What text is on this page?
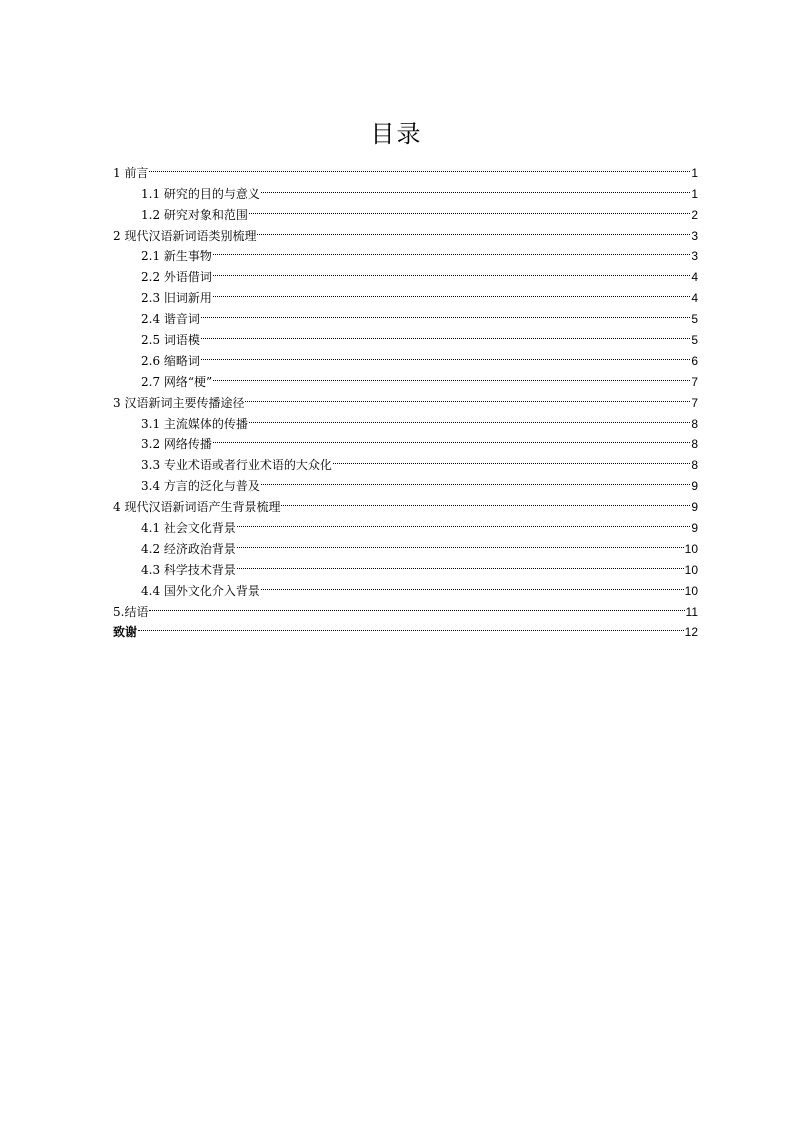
目录
1 前言	1
1.1 研究的目的与意义	1
1.2 研究对象和范围	2
2 现代汉语新词语类别梳理	3
2.1 新生事物	3
2.2 外语借词	4
2.3 旧词新用	4
2.4 谐音词	5
2.5 词语模	5
2.6 缩略词	6
2.7 网络“梗”	7
3 汉语新词主要传播途径	7
3.1 主流媒体的传播	8
3.2 网络传播	8
3.3 专业术语或者行业术语的大众化	8
3.4 方言的泛化与普及	9
4 现代汉语新词语产生背景梳理	9
4.1 社会文化背景	9
4.2 经济政治背景	10
4.3 科学技术背景	10
4.4 国外文化介入背景	10
5.结语	11
致谢	12
